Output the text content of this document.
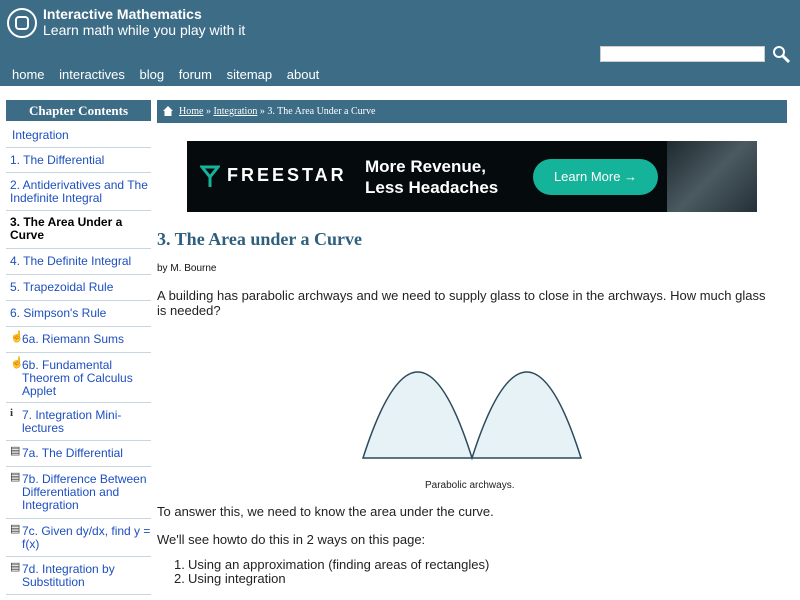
Interactive Mathematics
Learn math while you play with it
home interactives blog forum sitemap about
Chapter Contents
Integration
1. The Differential
2. Antiderivatives and The Indefinite Integral
3. The Area Under a Curve
4. The Definite Integral
5. Trapezoidal Rule
6. Simpson's Rule
☝
6a. Riemann Sums
☝
6b. Fundamental Theorem of Calculus Applet
i 7. Integration Mini-lectures
▤ 7a. The Differential
▤ 7b. Difference Between Differentiation and Integration
▤ 7c. Given dy/dx, find y = f(x)
▤ 7d. Integration by Substitution
Home » Integration » 3. The Area Under a Curve
FREESTAR More Revenue,
Less Headaches
Learn More →
3. The Area under a Curve
by M. Bourne
A building has parabolic archways and we need to supply glass to close in the archways. How much glass is needed?
Parabolic archways.
To answer this, we need to know the area under the curve.
We'll see howto do this in 2 ways on this page:
1. Using an approximation (finding areas of rectangles)
2. Using integration
